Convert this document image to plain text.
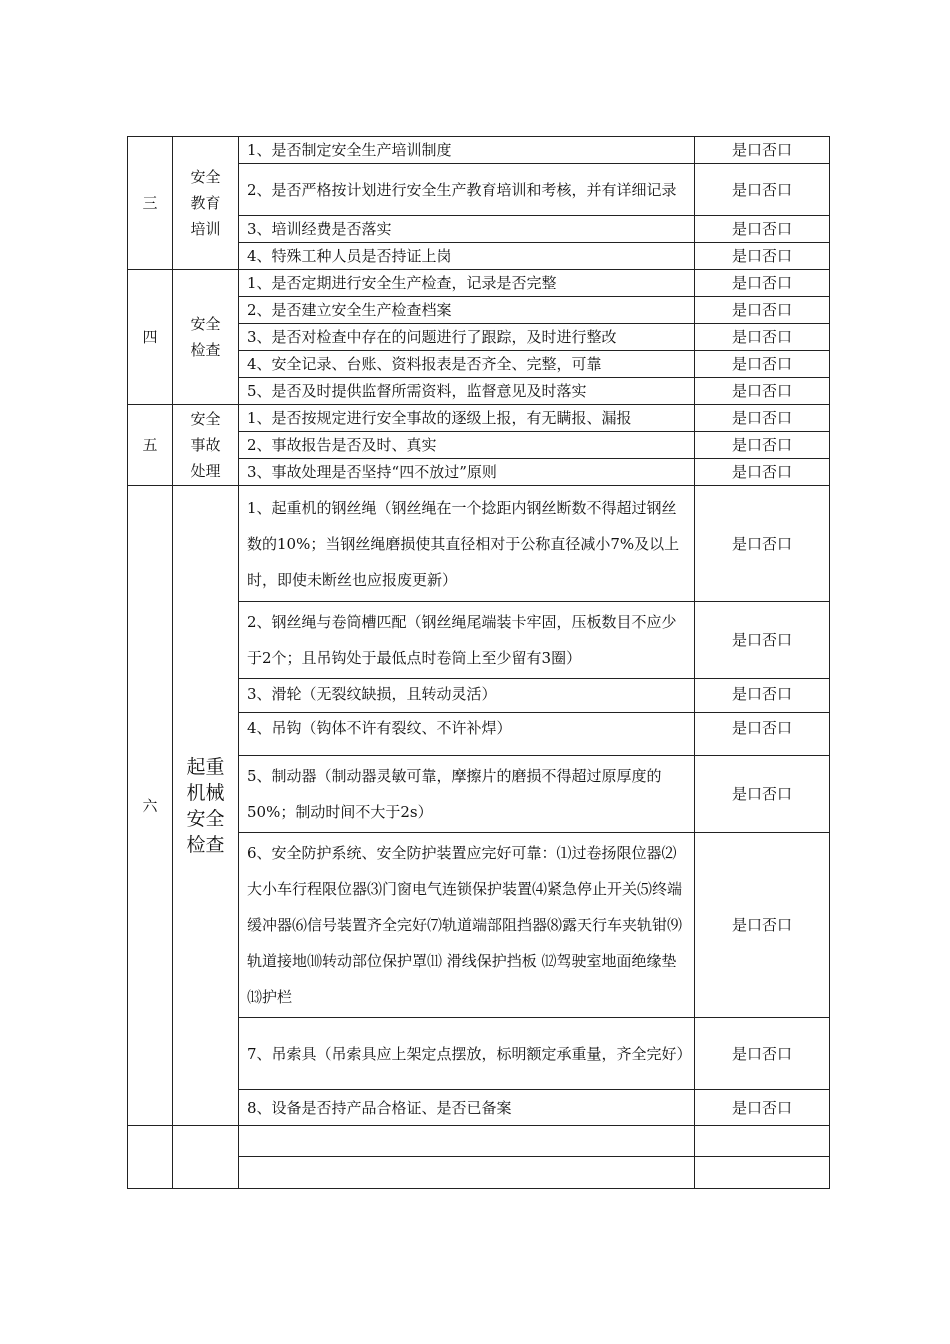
三	安全
教育
培训	1、是否制定安全生产培训制度	是口否口
		2、是否严格按计划进行安全生产教育培训和考核，并有详细记录	是口否口
		3、培训经费是否落实	是口否口
		4、特殊工种人员是否持证上岗	是口否口
四	安全
检查	1、是否定期进行安全生产检查，记录是否完整	是口否口
		2、是否建立安全生产检查档案	是口否口
		3、是否对检查中存在的问题进行了跟踪，及时进行整改	是口否口
		4、安全记录、台账、资料报表是否齐全、完整，可靠	是口否口
		5、是否及时提供监督所需资料，监督意见及时落实	是口否口
五	安全
事故
处理	1、是否按规定进行安全事故的逐级上报，有无瞒报、漏报	是口否口
		2、事故报告是否及时、真实	是口否口
		3、事故处理是否坚持“四不放过”原则	是口否口
六	起重
机械
安全
检查	1、起重机的钢丝绳（钢丝绳在一个捻距内钢丝断数不得超过钢丝数的10%；当钢丝绳磨损使其直径相对于公称直径减小7%及以上时，即使未断丝也应报废更新）	是口否口
		2、钢丝绳与卷筒槽匹配（钢丝绳尾端装卡牢固，压板数目不应少于2个；且吊钩处于最低点时卷筒上至少留有3圈）	是口否口
		3、滑轮（无裂纹缺损，且转动灵活）	是口否口
		4、吊钩（钩体不许有裂纹、不许补焊）	是口否口
		5、制动器（制动器灵敏可靠，摩擦片的磨损不得超过原厚度的50%；制动时间不大于2s）	是口否口
		6、安全防护系统、安全防护装置应完好可靠：⑴过卷扬限位器⑵大小车行程限位器⑶门窗电气连锁保护装置⑷紧急停止开关⑸终端缓冲器⑹信号装置齐全完好⑺轨道端部阻挡器⑻露天行车夹轨钳⑼轨道接地⑽转动部位保护罩⑾ 滑线保护挡板 ⑿驾驶室地面绝缘垫⒀护栏	是口否口
		7、吊索具（吊索具应上架定点摆放，标明额定承重量，齐全完好）	是口否口
		8、设备是否持产品合格证、是否已备案	是口否口
